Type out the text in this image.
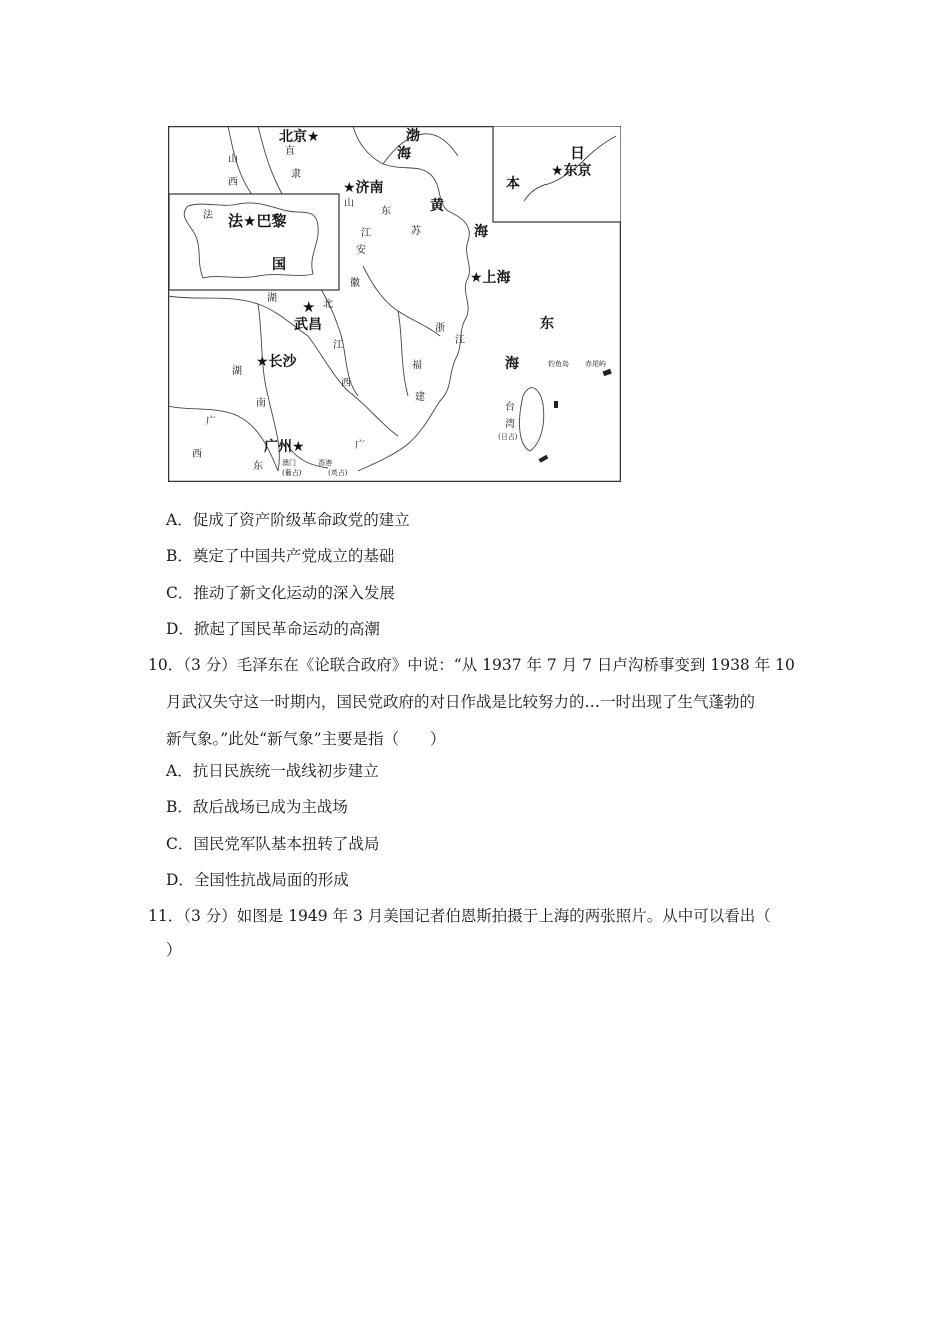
北京★
★济南
法★巴黎
★
武昌
★长沙
★上海
广州★
★东京
渤
海	日
本
黄
海
东
海
国
法
山
西
直
隶
山
东
江	苏
安
徽
湖
北
浙
江
江
西
湖
南
福
建
台
湾
广
西
广
东
(日占)
澳门
(葡占)
香港
(英占)
钓鱼岛 赤尾屿
A．促成了资产阶级革命政党的建立
B．奠定了中国共产党成立的基础
C．推动了新文化运动的深入发展
D．掀起了国民革命运动的高潮
10．（3 分）毛泽东在《论联合政府》中说：“从 1937 年 7 月 7 日卢沟桥事变到 1938 年 10
月武汉失守这一时期内，国民党政府的对日作战是比较努力的…一时出现了生气蓬勃的
新气象。”此处“新气象”主要是指（　　）
A．抗日民族统一战线初步建立
B．敌后战场已成为主战场
C．国民党军队基本扭转了战局
D．全国性抗战局面的形成
11．（3 分）如图是 1949 年 3 月美国记者伯恩斯拍摄于上海的两张照片。从中可以看出（
）
